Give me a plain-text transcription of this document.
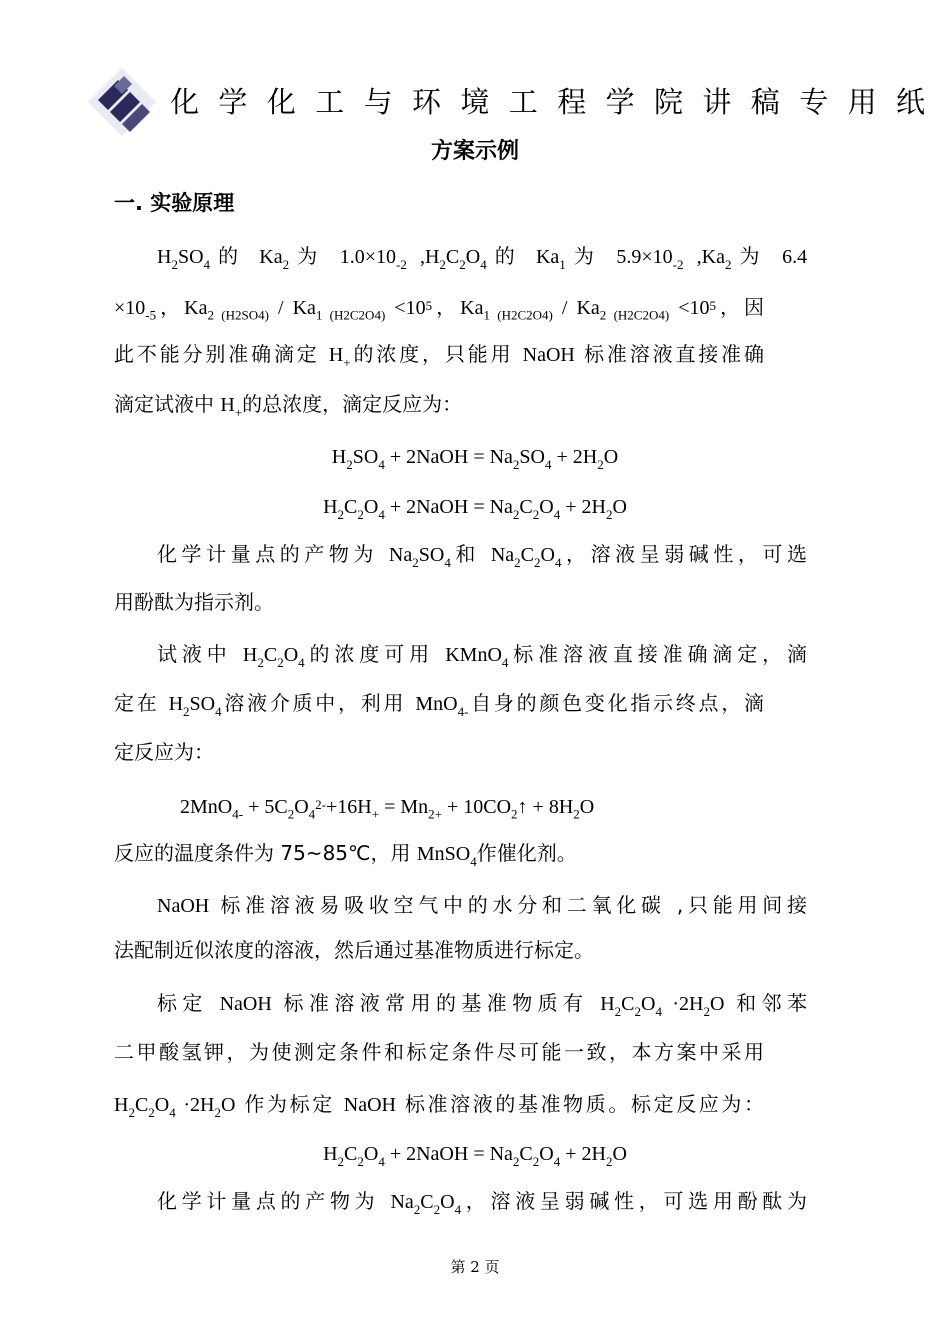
化学化工与环境工程学院讲稿专用纸
方案示例
一. 实验原理
$H_2SO_4$的 $Ka_2$为 $1.0\times 10_{-2}$ $,H_2C_2O_4$的 $Ka_1$为 $5.9\times 10_{-2}$ $,Ka_2$为 6.4
$\times 10_{-5}$，$Ka_2$ $_{(H2SO4)} / Ka_{1 (H2C2O4)} <10^5$，$Ka_{1 (H2C2O4)} / Ka_{2 (H2C2O4)} <10^5$，因
此不能分别准确滴定 $H_+$的浓度，只能用 NaOH 标准溶液直接准确
滴定试液中 $H_+$的总浓度，滴定反应为：
$H_2SO_4$ + 2NaOH = $Na_2SO_4 + 2H_2O$
$H_2C_2O_4$ + 2NaOH = $Na_2C_2O_4 + 2H_2O$
化学计量点的产物为 $Na_2SO_4$和 $Na_2C_2O_4$，溶液呈弱碱性，可选
用酚酞为指示剂。
试液中 $H_2C_2O_4$的浓度可用 KMnO$_4$标准溶液直接准确滴定，滴
定在 $H_2SO_4$溶液介质中，利用 MnO$_{4-}$自身的颜色变化指示终点，滴
定反应为：
$2MnO_{4-} + 5C_2O_4^{2-}+16H_+ = Mn_{2+}$ + $10CO_2↑ + 8H_2O$
反应的温度条件为 75~85℃，用 MnSO$_4$作催化剂。
NaOH 标准溶液易吸收空气中的水分和二氧化碳 ,只能用间接
法配制近似浓度的溶液，然后通过基准物质进行标定。
标定 NaOH 标准溶液常用的基准物质有 $H_2C_2O_4 \cdot 2H_2O$ 和邻苯
二甲酸氢钾，为使测定条件和标定条件尽可能一致，本方案中采用
$H_2C_2O_4 \cdot 2H_2O$ 作为标定 NaOH 标准溶液的基准物质。标定反应为：
$H_2C_2O_4$ + 2NaOH = $Na_2C_2O_4 + 2H_2O$
化学计量点的产物为 $Na_2C_2O_4$，溶液呈弱碱性，可选用酚酞为
第 2 页
